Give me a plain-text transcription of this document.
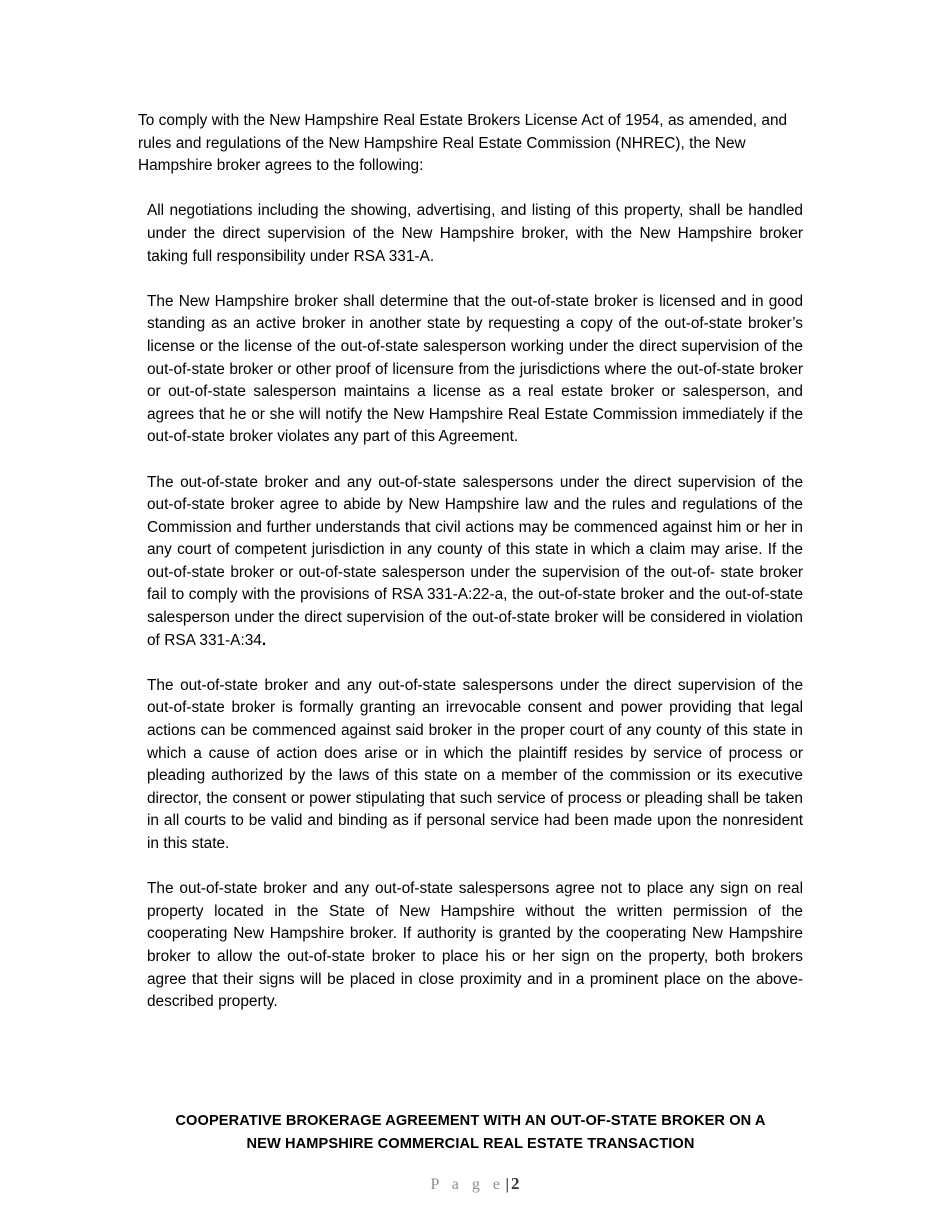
To comply with the New Hampshire Real Estate Brokers License Act of 1954, as amended, and rules and regulations of the New Hampshire Real Estate Commission (NHREC), the New Hampshire broker agrees to the following:

All negotiations including the showing, advertising, and listing of this property, shall be handled under the direct supervision of the New Hampshire broker, with the New Hampshire broker taking full responsibility under RSA 331-A.

The New Hampshire broker shall determine that the out-of-state broker is licensed and in good standing as an active broker in another state by requesting a copy of the out-of-state broker’s license or the license of the out-of-state salesperson working under the direct supervision of the out-of-state broker or other proof of licensure from the jurisdictions where the out-of-state broker or out-of-state salesperson maintains a license as a real estate broker or salesperson, and agrees that he or she will notify the New Hampshire Real Estate Commission immediately if the out-of-state broker violates any part of this Agreement.

The out-of-state broker and any out-of-state salespersons under the direct supervision of the out-of-state broker agree to abide by New Hampshire law and the rules and regulations of the Commission and further understands that civil actions may be commenced against him or her in any court of competent jurisdiction in any county of this state in which a claim may arise. If the out-of-state broker or out-of-state salesperson under the supervision of the out-of- state broker fail to comply with the provisions of RSA 331-A:22-a, the out-of-state broker and the out-of-state salesperson under the direct supervision of the out-of-state broker will be considered in violation of RSA 331-A:34.

The out-of-state broker and any out-of-state salespersons under the direct supervision of the out-of-state broker is formally granting an irrevocable consent and power providing that legal actions can be commenced against said broker in the proper court of any county of this state in which a cause of action does arise or in which the plaintiff resides by service of process or pleading authorized by the laws of this state on a member of the commission or its executive director, the consent or power stipulating that such service of process or pleading shall be taken in all courts to be valid and binding as if personal service had been made upon the nonresident in this state.

The out-of-state broker and any out-of-state salespersons agree not to place any sign on real property located in the State of New Hampshire without the written permission of the cooperating New Hampshire broker. If authority is granted by the cooperating New Hampshire broker to allow the out-of-state broker to place his or her sign on the property, both brokers agree that their signs will be placed in close proximity and in a prominent place on the above-described property.

COOPERATIVE BROKERAGE AGREEMENT WITH AN OUT-OF-STATE BROKER ON A
NEW HAMPSHIRE COMMERCIAL REAL ESTATE TRANSACTION
P a g e| 2
